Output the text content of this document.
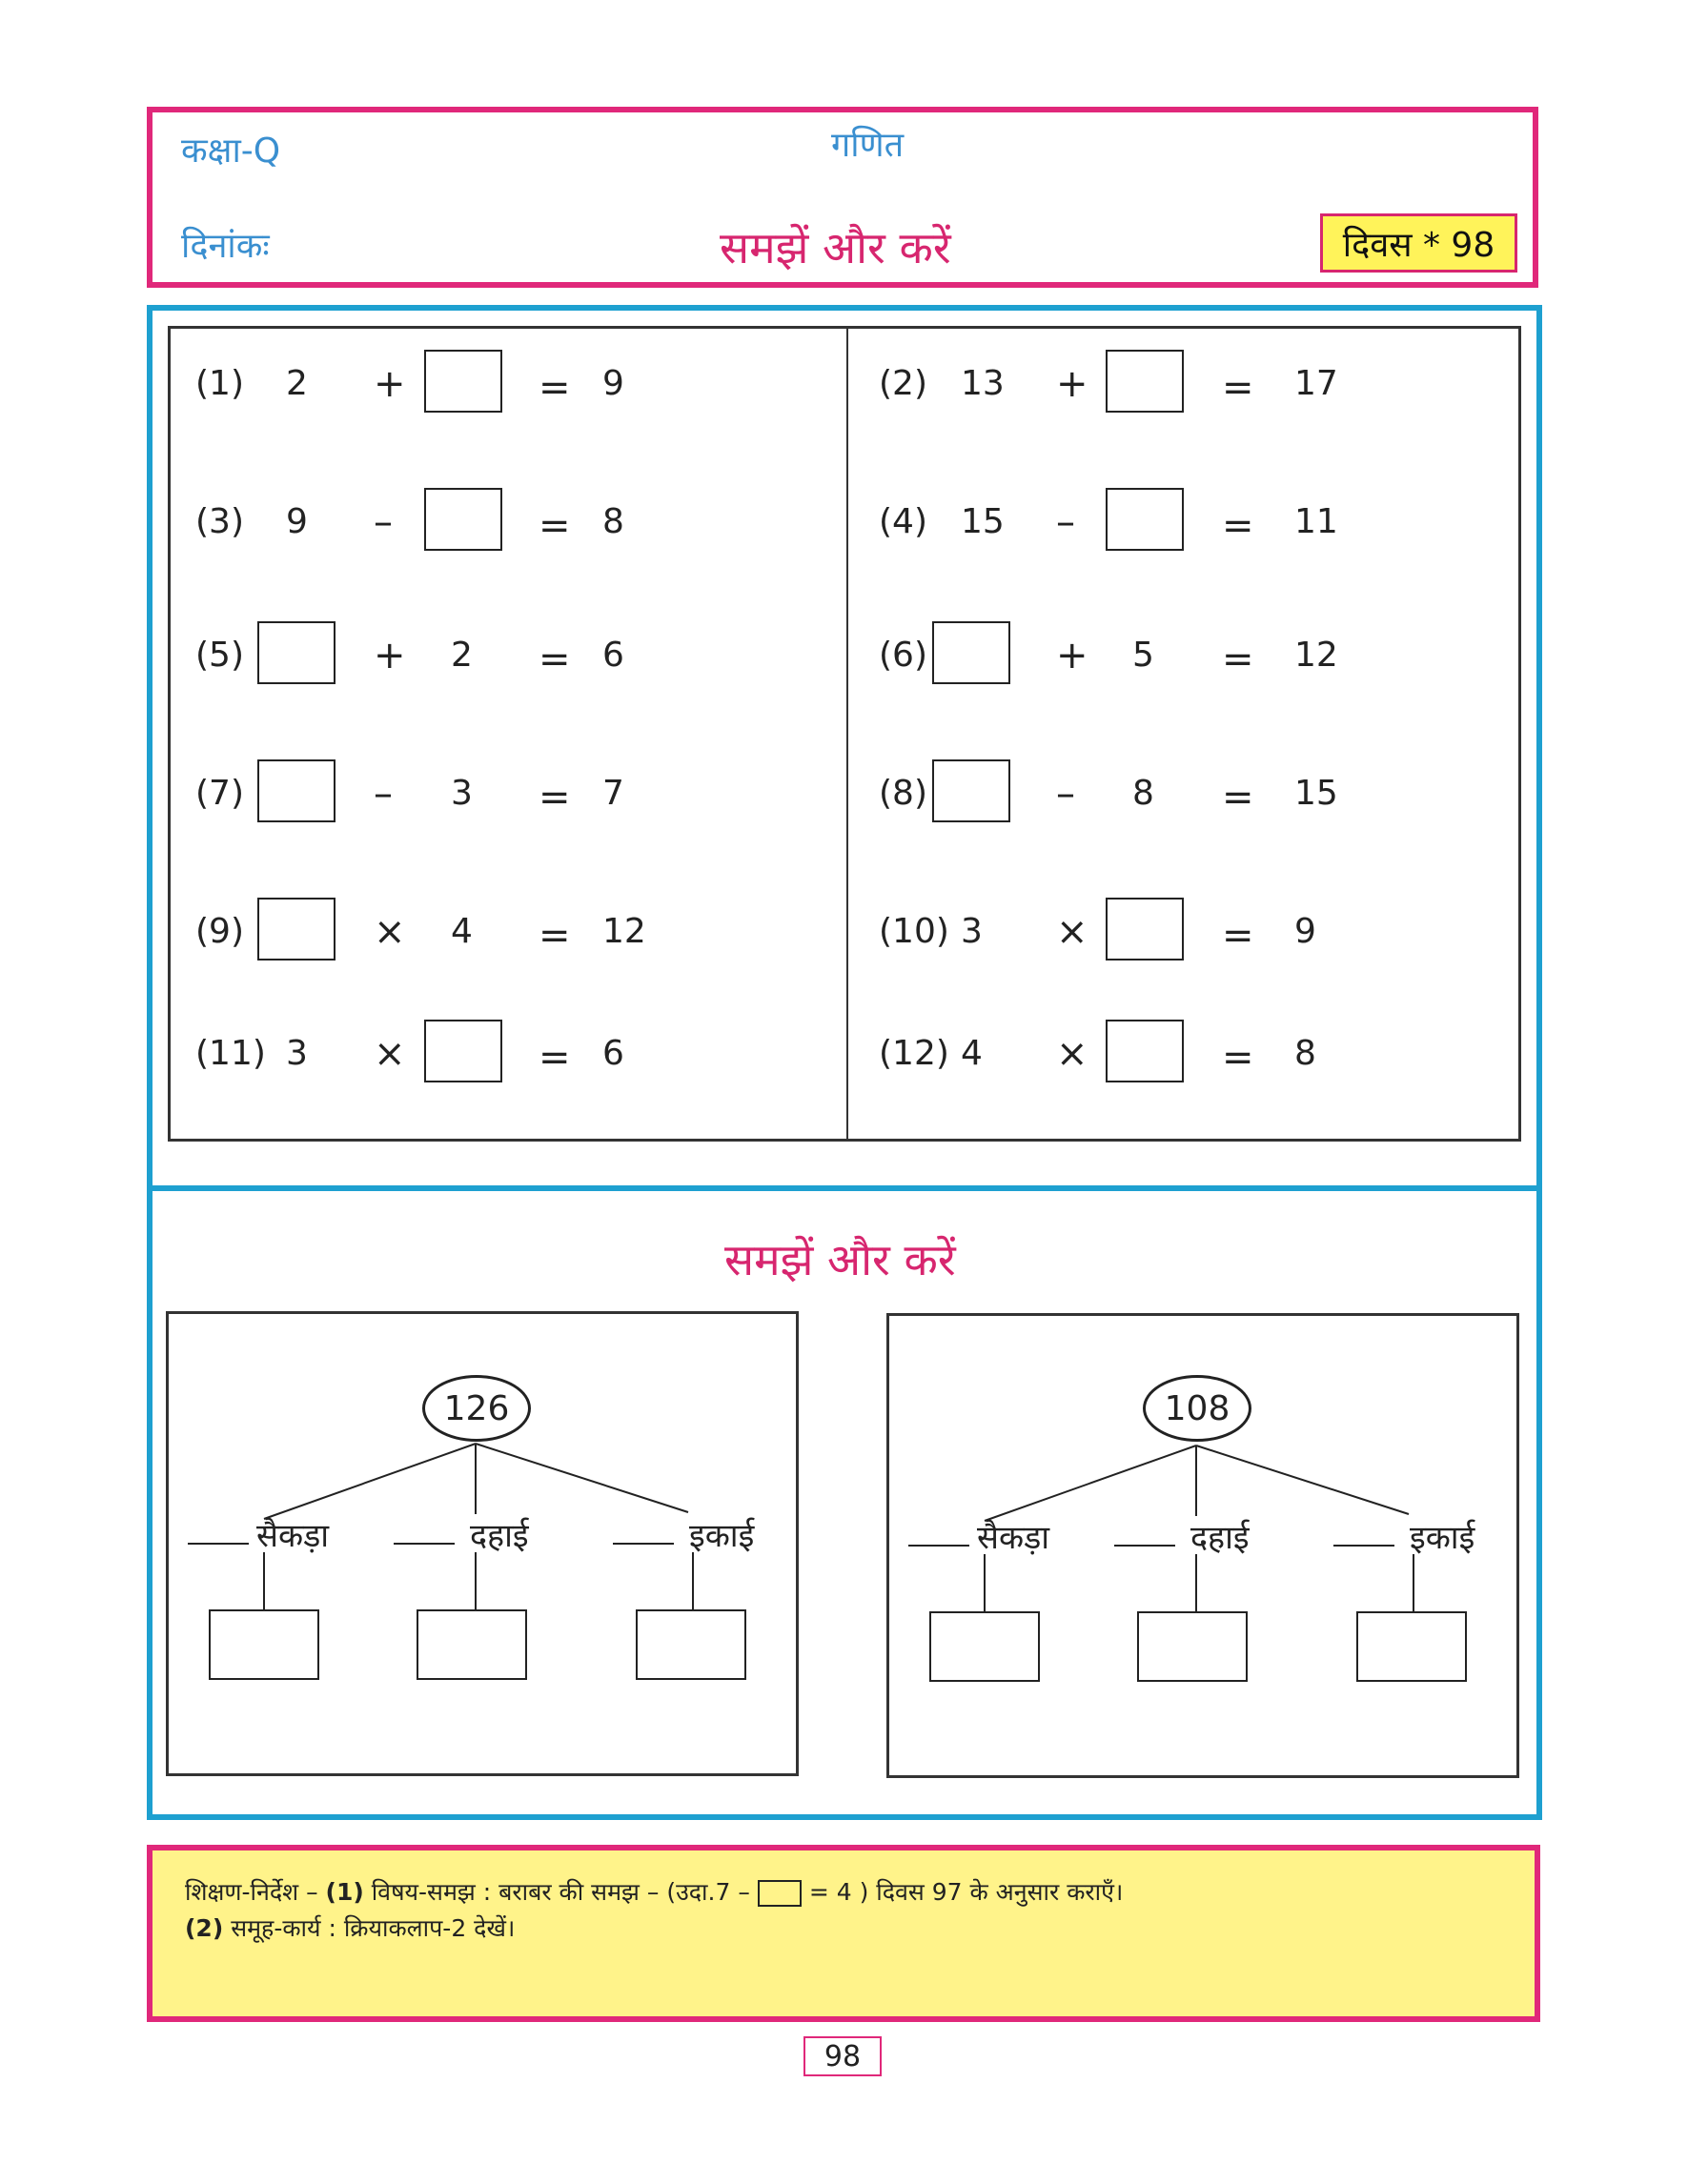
कक्षा-Q	गणित
दिनांकः	समझें और करें	दिवस * 98
(1) 2 +	= 9	(2) 13 +	= 17
(3) 9 –	= 8	(4) 15 –	= 11
(5)	+ 2 = 6	(6)	+ 5 = 12
(7)	– 3 = 7	(8)	– 8 = 15
(9)	× 4 = 12	(10) 3 ×	= 9
(11) 3 ×	= 6	(12) 4 ×	= 8
समझें और करें
126
सैकड़ा	दहाई	इकाई
108
सैकड़ा	दहाई	इकाई
शिक्षण-निर्देश – (1) विषय-समझ : बराबर की समझ – (उदा.7 – = 4 ) दिवस 97 के अनुसार कराएँ।
(2) समूह-कार्य : क्रियाकलाप-2 देखें।
98
